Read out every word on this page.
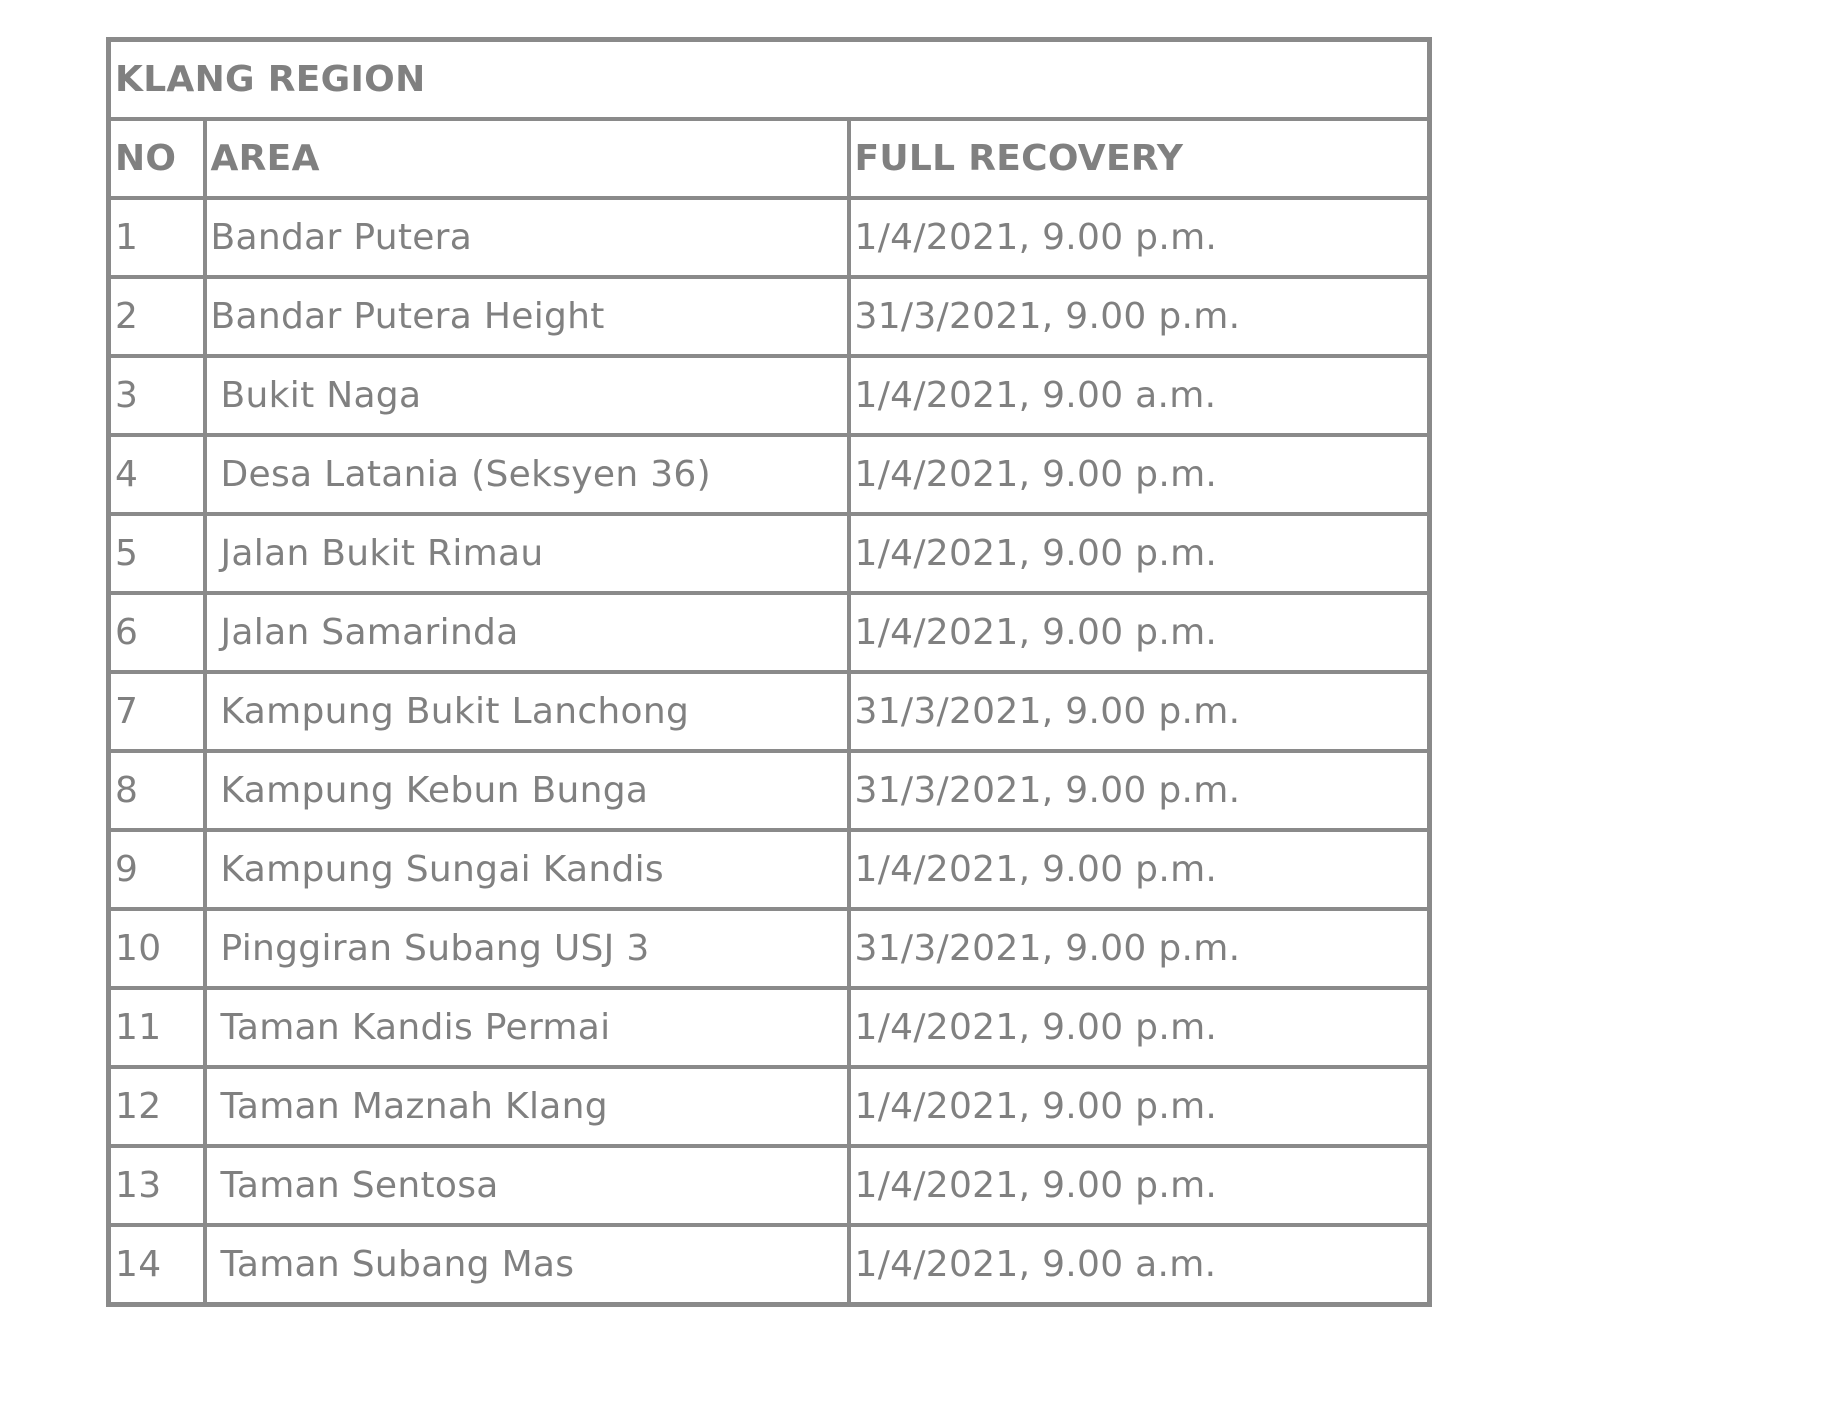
KLANG REGION		
NO	AREA	FULL RECOVERY
1	Bandar Putera	1/4/2021, 9.00 p.m.
2	Bandar Putera Height	31/3/2021, 9.00 p.m.
3	Bukit Naga	1/4/2021, 9.00 a.m.
4	Desa Latania (Seksyen 36)	1/4/2021, 9.00 p.m.
5	Jalan Bukit Rimau	1/4/2021, 9.00 p.m.
6	Jalan Samarinda	1/4/2021, 9.00 p.m.
7	Kampung Bukit Lanchong	31/3/2021, 9.00 p.m.
8	Kampung Kebun Bunga	31/3/2021, 9.00 p.m.
9	Kampung Sungai Kandis	1/4/2021, 9.00 p.m.
10	Pinggiran Subang USJ 3	31/3/2021, 9.00 p.m.
11	Taman Kandis Permai	1/4/2021, 9.00 p.m.
12	Taman Maznah Klang	1/4/2021, 9.00 p.m.
13	Taman Sentosa	1/4/2021, 9.00 p.m.
14	Taman Subang Mas	1/4/2021, 9.00 a.m.
